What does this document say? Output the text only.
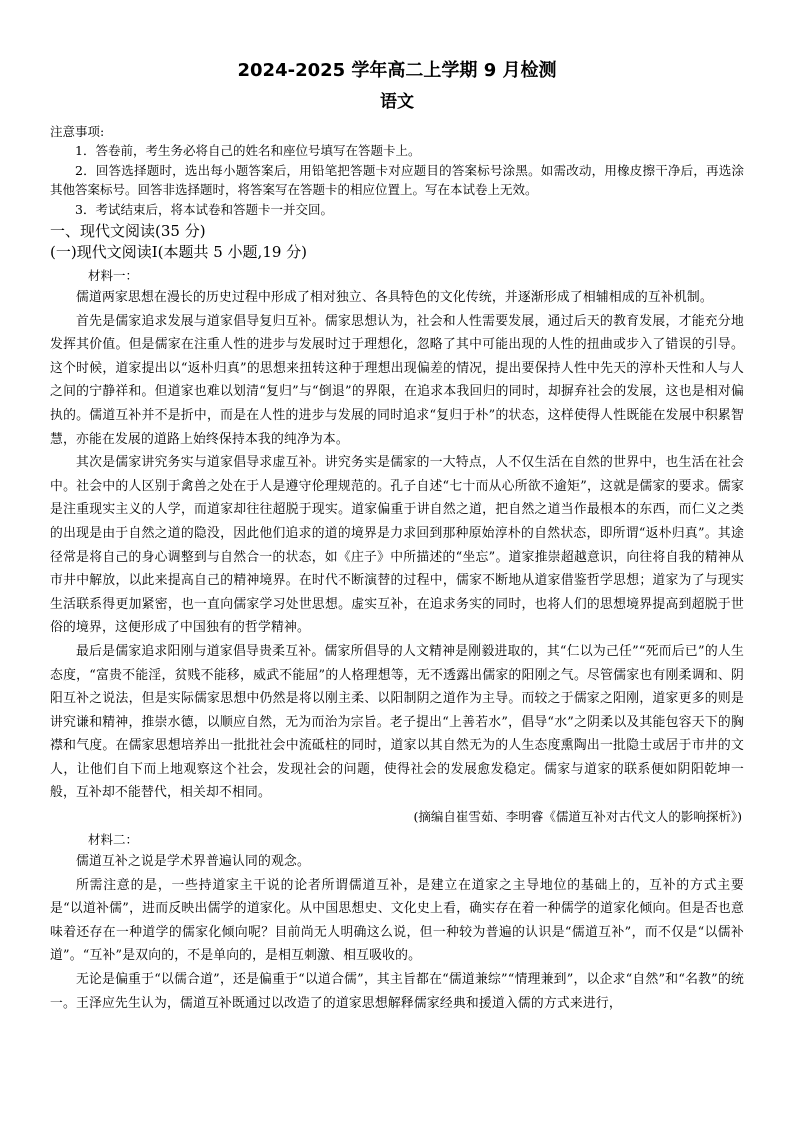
2024-2025 学年高二上学期 9 月检测
语文

注意事项:

1．答卷前，考生务必将自己的姓名和座位号填写在答题卡上。

2．回答选择题时，选出每小题答案后，用铅笔把答题卡对应题目的答案标号涂黑。如需改动，用橡皮擦干净后，再选涂其他答案标号。回答非选择题时，将答案写在答题卡的相应位置上。写在本试卷上无效。

3．考试结束后，将本试卷和答题卡一并交回。

一、现代文阅读(35 分)

(一)现代文阅读Ⅰ(本题共 5 小题,19 分)

材料一：

儒道两家思想在漫长的历史过程中形成了相对独立、各具特色的文化传统，并逐渐形成了相辅相成的互补机制。

首先是儒家追求发展与道家倡导复归互补。儒家思想认为，社会和人性需要发展，通过后天的教育发展，才能充分地发挥其价值。但是儒家在注重人性的进步与发展时过于理想化，忽略了其中可能出现的人性的扭曲或步入了错误的引导。这个时候，道家提出以“返朴归真”的思想来扭转这种于理想出现偏差的情况，提出要保持人性中先天的淳朴天性和人与人之间的宁静祥和。但道家也难以划清“复归”与“倒退”的界限，在追求本我回归的同时，却摒弃社会的发展，这也是相对偏执的。儒道互补并不是折中，而是在人性的进步与发展的同时追求“复归于朴”的状态，这样使得人性既能在发展中积累智慧，亦能在发展的道路上始终保持本我的纯净为本。

其次是儒家讲究务实与道家倡导求虚互补。讲究务实是儒家的一大特点，人不仅生活在自然的世界中，也生活在社会中。社会中的人区别于禽兽之处在于人是遵守伦理规范的。孔子自述“七十而从心所欲不逾矩”，这就是儒家的要求。儒家是注重现实主义的人学，而道家却往往超脱于现实。道家偏重于讲自然之道，把自然之道当作最根本的东西，而仁义之类的出现是由于自然之道的隐没，因此他们追求的道的境界是力求回到那种原始淳朴的自然状态，即所谓“返朴归真”。其途径常是将自己的身心调整到与自然合一的状态，如《庄子》中所描述的“坐忘”。道家推崇超越意识，向往将自我的精神从市井中解放，以此来提高自己的精神境界。在时代不断演替的过程中，儒家不断地从道家借鉴哲学思想；道家为了与现实生活联系得更加紧密，也一直向儒家学习处世思想。虚实互补，在追求务实的同时，也将人们的思想境界提高到超脱于世俗的境界，这便形成了中国独有的哲学精神。

最后是儒家追求阳刚与道家倡导贵柔互补。儒家所倡导的人文精神是刚毅进取的，其“仁以为己任”“死而后已”的人生态度，“富贵不能淫，贫贱不能移，威武不能屈”的人格理想等，无不透露出儒家的阳刚之气。尽管儒家也有刚柔调和、阴阳互补之说法，但是实际儒家思想中仍然是将以刚主柔、以阳制阴之道作为主导。而较之于儒家之阳刚，道家更多的则是讲究谦和精神，推崇水德，以顺应自然，无为而治为宗旨。老子提出“上善若水”，倡导“水”之阴柔以及其能包容天下的胸襟和气度。在儒家思想培养出一批批社会中流砥柱的同时，道家以其自然无为的人生态度熏陶出一批隐士或居于市井的文人，让他们自下而上地观察这个社会，发现社会的问题，使得社会的发展愈发稳定。儒家与道家的联系便如阴阳乾坤一般，互补却不能替代，相关却不相同。

(摘编自崔雪茹、李明睿《儒道互补对古代文人的影响探析》)

材料二：

儒道互补之说是学术界普遍认同的观念。

所需注意的是，一些持道家主干说的论者所谓儒道互补，是建立在道家之主导地位的基础上的，互补的方式主要是“以道补儒”，进而反映出儒学的道家化。从中国思想史、文化史上看，确实存在着一种儒学的道家化倾向。但是否也意味着还存在一种道学的儒家化倾向呢？目前尚无人明确这么说，但一种较为普遍的认识是“儒道互补”，而不仅是“以儒补道”。“互补”是双向的，不是单向的，是相互刺激、相互吸收的。

无论是偏重于“以儒合道”，还是偏重于“以道合儒”，其主旨都在“儒道兼综”“情理兼到”，以企求“自然”和“名教”的统一。王泽应先生认为，儒道互补既通过以改造了的道家思想解释儒家经典和援道入儒的方式来进行，
